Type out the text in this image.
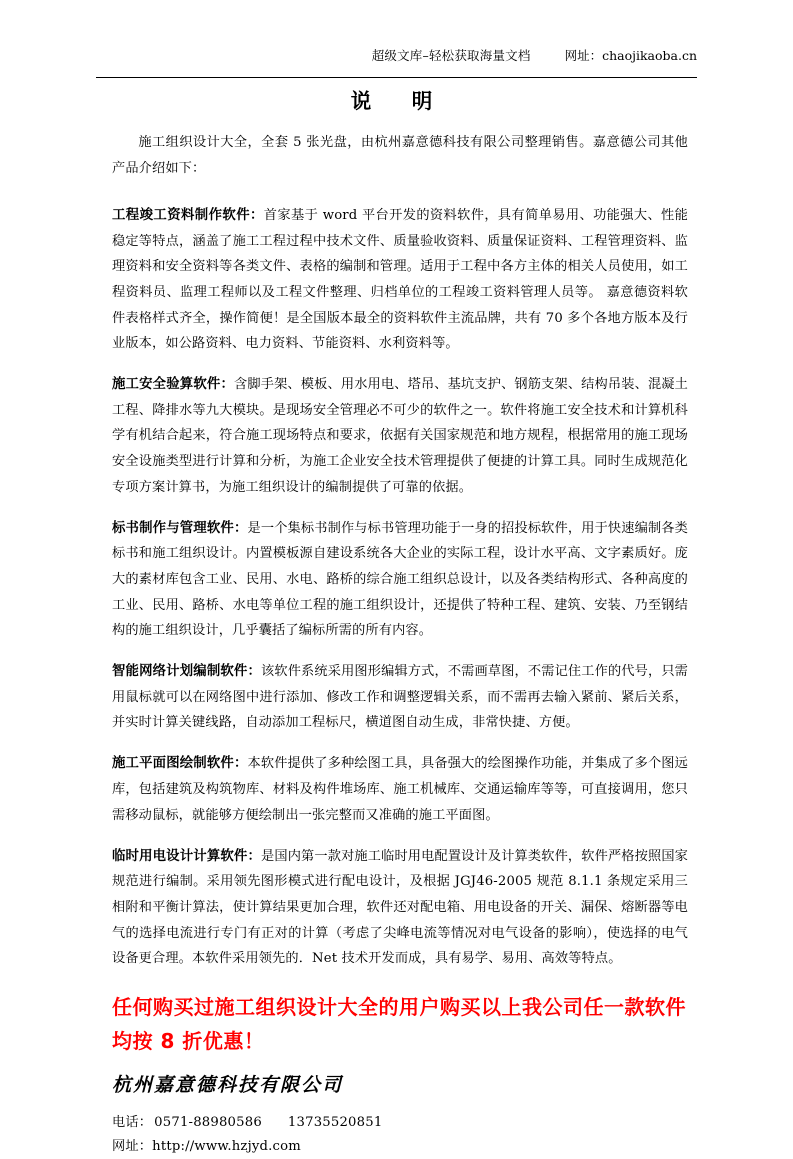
超级文库–轻松获取海量文档	网址：chaojikaoba.cn
说　明

施工组织设计大全，全套 5 张光盘，由杭州嘉意德科技有限公司整理销售。嘉意德公司其他产品介绍如下：

工程竣工资料制作软件：首家基于 word 平台开发的资料软件，具有简单易用、功能强大、性能稳定等特点，涵盖了施工工程过程中技术文件、质量验收资料、质量保证资料、工程管理资料、监理资料和安全资料等各类文件、表格的编制和管理。适用于工程中各方主体的相关人员使用，如工程资料员、监理工程师以及工程文件整理、归档单位的工程竣工资料管理人员等。 嘉意德资料软件表格样式齐全，操作简便！是全国版本最全的资料软件主流品牌，共有 70 多个各地方版本及行业版本，如公路资料、电力资料、节能资料、水利资料等。

施工安全验算软件：含脚手架、模板、用水用电、塔吊、基坑支护、钢筋支架、结构吊装、混凝土工程、降排水等九大模块。是现场安全管理必不可少的软件之一。软件将施工安全技术和计算机科学有机结合起来，符合施工现场特点和要求，依据有关国家规范和地方规程，根据常用的施工现场安全设施类型进行计算和分析，为施工企业安全技术管理提供了便捷的计算工具。同时生成规范化专项方案计算书，为施工组织设计的编制提供了可靠的依据。

标书制作与管理软件：是一个集标书制作与标书管理功能于一身的招投标软件，用于快速编制各类标书和施工组织设计。内置模板源自建设系统各大企业的实际工程，设计水平高、文字素质好。庞大的素材库包含工业、民用、水电、路桥的综合施工组织总设计，以及各类结构形式、各种高度的工业、民用、路桥、水电等单位工程的施工组织设计，还提供了特种工程、建筑、安装、乃至钢结构的施工组织设计，几乎囊括了编标所需的所有内容。

智能网络计划编制软件：该软件系统采用图形编辑方式，不需画草图，不需记住工作的代号，只需用鼠标就可以在网络图中进行添加、修改工作和调整逻辑关系，而不需再去输入紧前、紧后关系，并实时计算关键线路，自动添加工程标尺，横道图自动生成，非常快捷、方便。

施工平面图绘制软件：本软件提供了多种绘图工具，具备强大的绘图操作功能，并集成了多个图远库，包括建筑及构筑物库、材料及构件堆场库、施工机械库、交通运输库等等，可直接调用，您只需移动鼠标，就能够方便绘制出一张完整而又准确的施工平面图。

临时用电设计计算软件：是国内第一款对施工临时用电配置设计及计算类软件，软件严格按照国家规范进行编制。采用领先图形模式进行配电设计，及根据 JGJ46-2005 规范 8.1.1 条规定采用三相附和平衡计算法，使计算结果更加合理，软件还对配电箱、用电设备的开关、漏保、熔断器等电气的选择电流进行专门有正对的计算（考虑了尖峰电流等情况对电气设备的影响），使选择的电气设备更合理。本软件采用领先的．Net 技术开发而成，具有易学、易用、高效等特点。

任何购买过施工组织设计大全的用户购买以上我公司任一款软件均按 8 折优惠！

杭州嘉意德科技有限公司

电话： 0571-88980586 13735520851
网址：http://www.hzjyd.com
